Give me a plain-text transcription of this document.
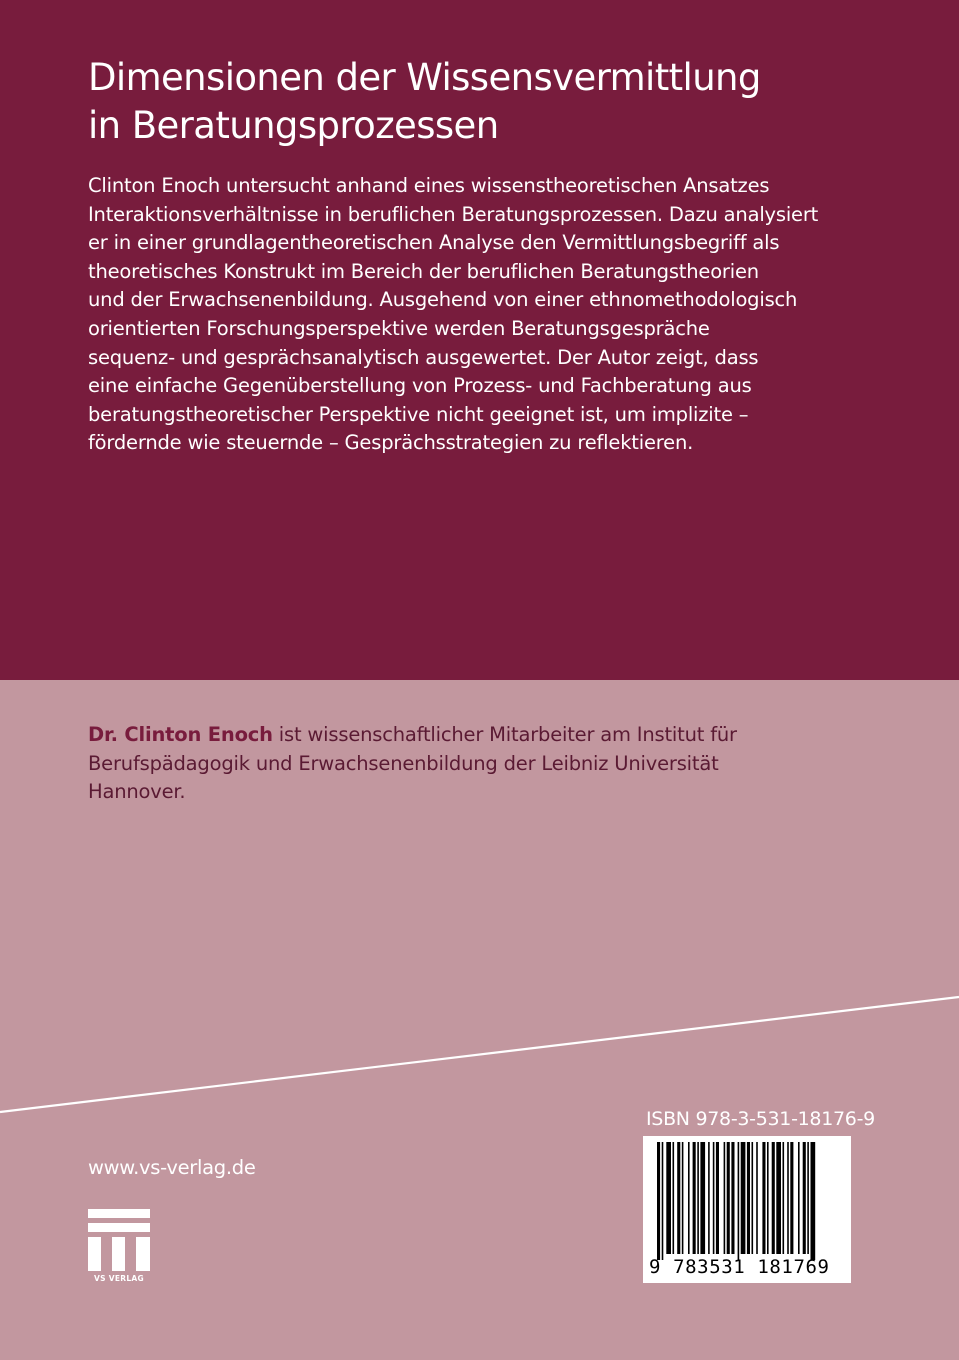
Dimensionen der Wissensvermittlung
in Beratungsprozessen

Clinton Enoch untersucht anhand eines wissenstheoretischen Ansatzes
Interaktionsverhältnisse in beruflichen Beratungsprozessen. Dazu analysiert
er in einer grundlagentheoretischen Analyse den Vermittlungsbegriff als
theoretisches Konstrukt im Bereich der beruflichen Beratungstheorien
und der Erwachsenenbildung. Ausgehend von einer ethnomethodologisch
orientierten Forschungsperspektive werden Beratungsgespräche
sequenz- und gesprächsanalytisch ausgewertet. Der Autor zeigt, dass
eine einfache Gegenüberstellung von Prozess- und Fachberatung aus
beratungstheoretischer Perspektive nicht geeignet ist, um implizite –
fördernde wie steuernde – Gesprächsstrategien zu reflektieren.

Dr. Clinton Enoch ist wissenschaftlicher Mitarbeiter am Institut für
Berufspädagogik und Erwachsenenbildung der Leibniz Universität
Hannover.

ISBN 978-3-531-18176-9
9 783531 181769
www.vs-verlag.de
VS VERLAG
